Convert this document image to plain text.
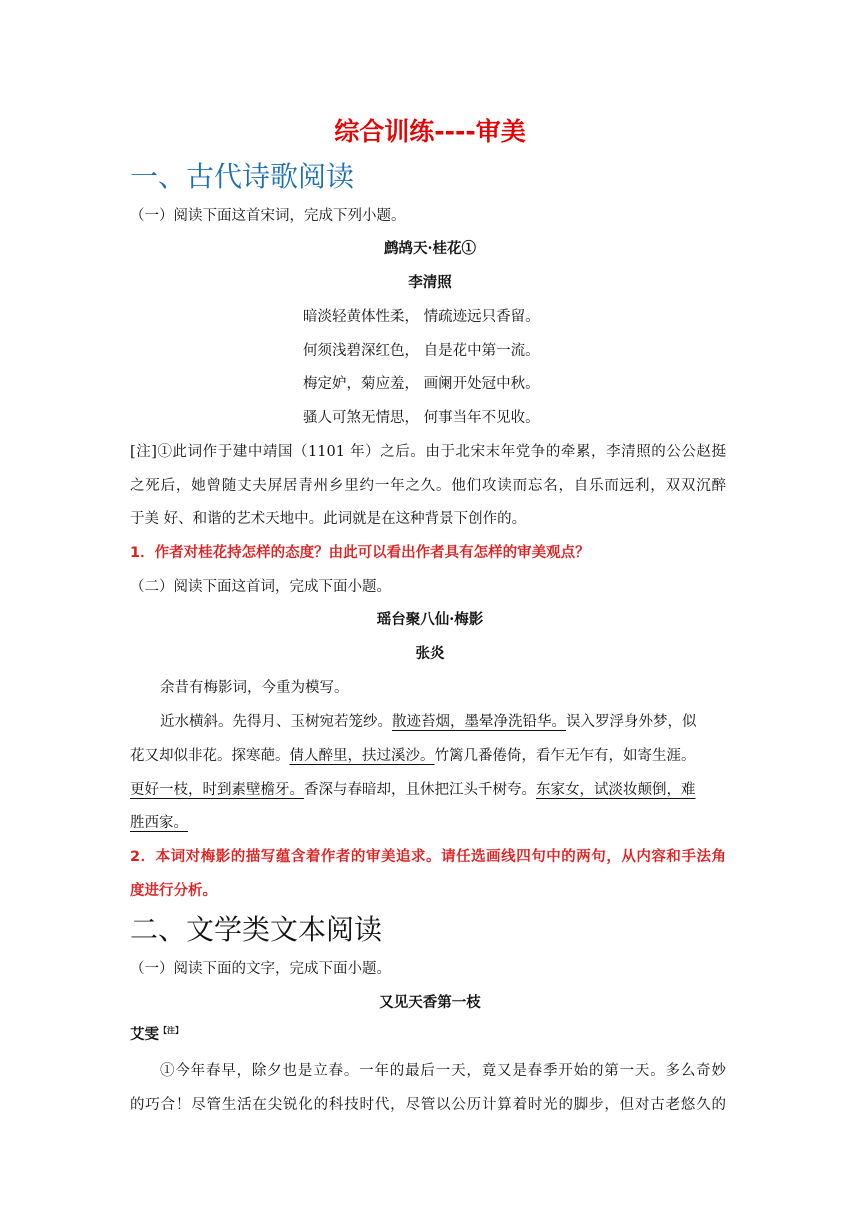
综合训练----审美
一、古代诗歌阅读
（一）阅读下面这首宋词，完成下列小题。
鹧鸪天·桂花①
李清照
暗淡轻黄体性柔， 情疏迹远只香留。
何须浅碧深红色， 自是花中第一流。
梅定妒，菊应羞， 画阑开处冠中秋。
骚人可煞无情思， 何事当年不见收。
[注]①此词作于建中靖国（1101 年）之后。由于北宋末年党争的牵累，李清照的公公赵挺
之死后，她曾随丈夫屏居青州乡里约一年之久。他们攻读而忘名，自乐而远利，双双沉醉
于美 好、和谐的艺术天地中。此词就是在这种背景下创作的。
1．作者对桂花持怎样的态度？由此可以看出作者具有怎样的审美观点？
（二）阅读下面这首词，完成下面小题。
瑶台聚八仙·梅影
张炎
余昔有梅影词，今重为模写。
近水横斜。先得月、玉树宛若笼纱。散迹苔烟，墨晕净洗铅华。误入罗浮身外梦，似
花又却似非花。探寒葩。倩人醉里，扶过溪沙。竹篱几番倦倚，看乍无乍有，如寄生涯。
更好一枝，时到素壁檐牙。香深与春暗却，且休把江头千树夸。东家女，试淡妆颠倒，难
胜西家。
2．本词对梅影的描写蕴含着作者的审美追求。请任选画线四句中的两句，从内容和手法角
度进行分析。
二、文学类文本阅读
（一）阅读下面的文字，完成下面小题。
又见天香第一枝
艾雯$^{【注】}$
①今年春早，除夕也是立春。一年的最后一天，竟又是春季开始的第一天。多么奇妙
的巧合！尽管生活在尖锐化的科技时代，尽管以公历计算着时光的脚步，但对古老悠久的
